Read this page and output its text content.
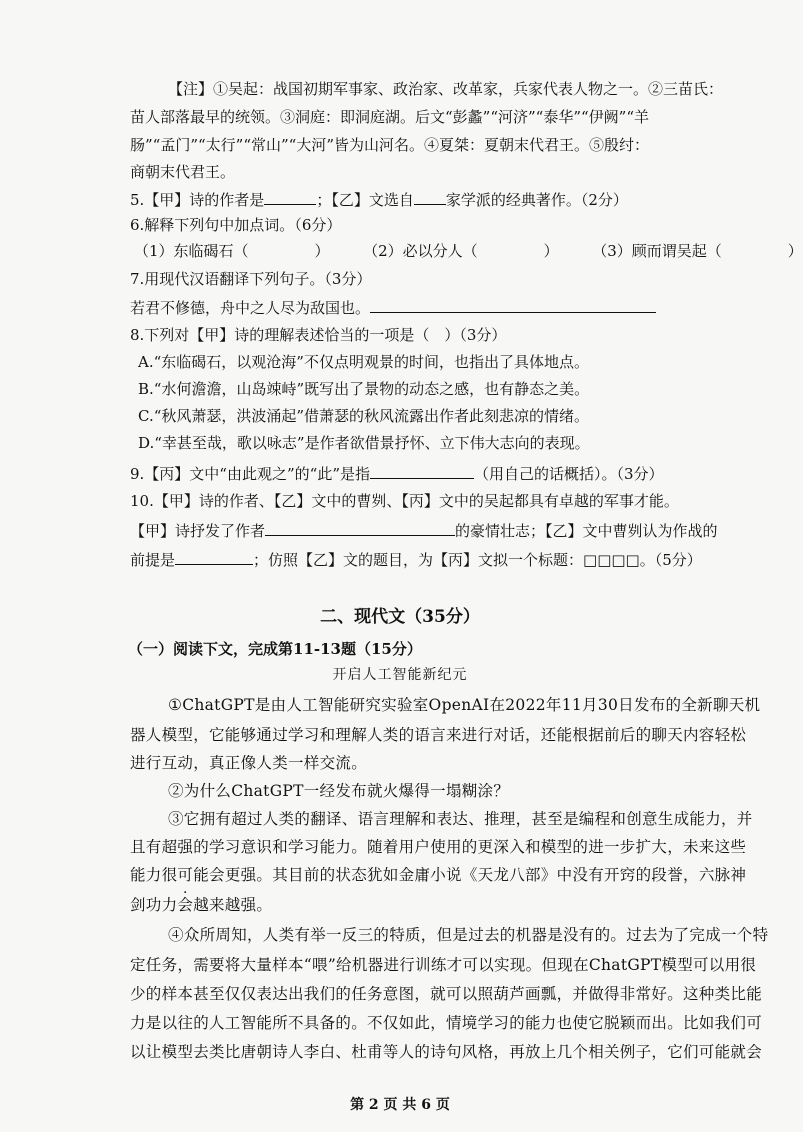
【注】①吴起：战国初期军事家、政治家、改革家，兵家代表人物之一。②三苗氏：
苗人部落最早的统领。③洞庭：即洞庭湖。后文“彭蠡”“河济”“泰华”“伊阙”“羊
肠”“孟门”“太行”“常山”“大河”皆为山河名。④夏桀：夏朝末代君王。⑤殷纣：
商朝末代君王。
5.【甲】诗的作者是	；【乙】文选自 家学派的经典著作。（2分）
6.解释下列句中加点词。（6分）
（1）东临碣石（	） （2）必以分人（	） （3）顾而谓吴起（	）
7.用现代汉语翻译下列句子。（3分）
若君不修德，舟中之人尽为敌国也。
8.下列对【甲】诗的理解表述恰当的一项是（　）（3分）
A.“东临碣石，以观沧海”不仅点明观景的时间，也指出了具体地点。
B.“水何澹澹，山岛竦峙”既写出了景物的动态之感，也有静态之美。
C.“秋风萧瑟，洪波涌起”借萧瑟的秋风流露出作者此刻悲凉的情绪。
D.“幸甚至哉，歌以咏志”是作者欲借景抒怀、立下伟大志向的表现。
9.【丙】文中“由此观之”的“此”是指	（用自己的话概括）。（3分）
10.【甲】诗的作者、【乙】文中的曹刿、【丙】文中的吴起都具有卓越的军事才能。
【甲】诗抒发了作者	的豪情壮志；【乙】文中曹刿认为作战的
前提是	；仿照【乙】文的题目，为【丙】文拟一个标题：□□□□。（5分）
二、现代文（35分）
（一）阅读下文，完成第11-13题（15分）
开启人工智能新纪元
①ChatGPT是由人工智能研究实验室OpenAI在2022年11月30日发布的全新聊天机
器人模型，它能够通过学习和理解人类的语言来进行对话，还能根据前后的聊天内容轻松
进行互动，真正像人类一样交流。
②为什么ChatGPT一经发布就火爆得一塌糊涂？
③它拥有超过人类的翻译、语言理解和表达、推理，甚至是编程和创意生成能力，并
且有超强的学习意识和学习能力。随着用户使用的更深入和模型的进一步扩大，未来这些
能力很可能会更强。其目前的状态犹如金庸小说《天龙八部》中没有开窍的段誉，六脉神
剑功力会越来越强。
④众所周知，人类有举一反三的特质，但是过去的机器是没有的。过去为了完成一个特
定任务，需要将大量样本“喂”给机器进行训练才可以实现。但现在ChatGPT模型可以用很
少的样本甚至仅仅表达出我们的任务意图，就可以照葫芦画瓢，并做得非常好。这种类比能
力是以往的人工智能所不具备的。不仅如此，情境学习的能力也使它脱颖而出。比如我们可
以让模型去类比唐朝诗人李白、杜甫等人的诗句风格，再放上几个相关例子，它们可能就会
第 2 页 共 6 页
